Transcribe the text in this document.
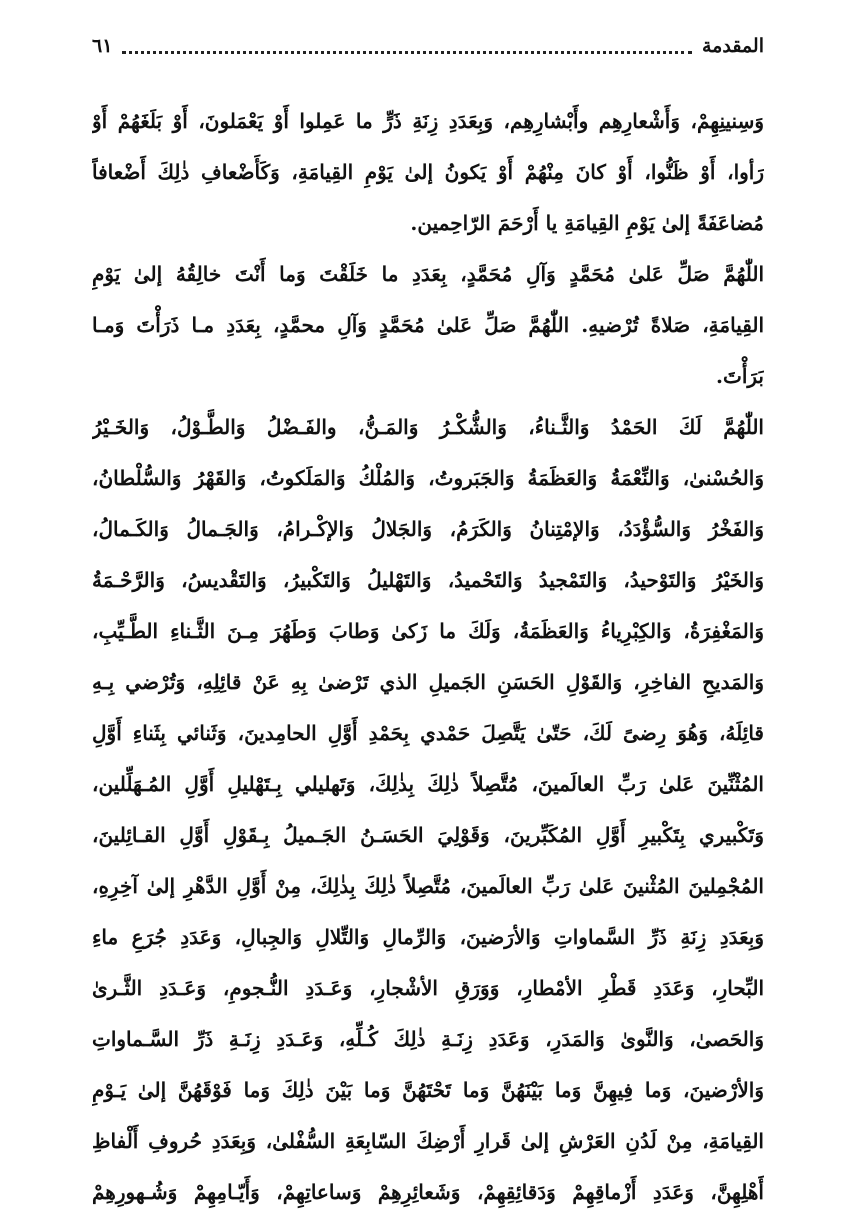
المقدمة
٦١
وَسِنينِهِمْ، وَأَشْعارِهِم وأَبْشارِهِم، وَبِعَدَدِ زِنَةِ ذَرٍّ ما عَمِلوا أَوْ يَعْمَلونَ، أَوْ بَلَغَهُمْ أَوْ
رَأوا، أَوْ ظَنُّوا، أَوْ كانَ مِنْهُمْ أَوْ يَكونُ إلىٰ يَوْمِ القِيامَةِ، وَكَأَضْعافِ ذٰلِكَ أَضْعافاً
مُضاعَفَةً إلىٰ يَوْمِ القِيامَةِ يا أَرْحَمَ الرّاحِمين.
اللّٰهُمَّ صَلِّ عَلىٰ مُحَمَّدٍ وَآلِ مُحَمَّدٍ، بِعَدَدِ ما خَلَقْتَ وَما أَنْتَ خالِقُهُ إلىٰ يَوْمِ
القِيامَةِ، صَلاةً تُرْضيهِ. اللّٰهُمَّ صَلِّ عَلىٰ مُحَمَّدٍ وَآلِ محمَّدٍ، بِعَدَدِ مـا ذَرَأْتَ وَمـا
بَرَأْتَ.
اللّٰهُمَّ لَكَ الحَمْدُ وَالثَّـناءُ، وَالشُّكْـرُ وَالمَـنُّ، والفَـضْلُ وَالطَّـوْلُ، وَالخَـيْرُ
وَالحُسْنىٰ، وَالنِّعْمَةُ وَالعَظَمَةُ وَالجَبَروتُ، وَالمُلْكُ وَالمَلَكوتُ، وَالقَهْرُ وَالسُّلْطانُ،
وَالفَخْرُ وَالسُّؤْدَدُ، وَالإمْتِنانُ وَالكَرَمُ، وَالجَلالُ وَالإكْـرامُ، وَالجَـمالُ وَالكَـمالُ،
وَالخَيْرُ وَالتَوْحيدُ، وَالتَمْجيدُ وَالتَحْميدُ، وَالتَهْليلُ وَالتَكْبيرُ، وَالتَقْديسُ، وَالرَّحْـمَةُ
وَالمَغْفِرَةُ، وَالكِبْرِياءُ وَالعَظَمَةُ، وَلَكَ ما زَكىٰ وَطابَ وَطَهُرَ مِـنَ الثَّـناءِ الطَّـيِّبِ،
وَالمَديحِ الفاخِرِ، وَالقَوْلِ الحَسَنِ الجَميلِ الذي تَرْضىٰ بِهِ عَنْ قائِلِهِ، وَتُرْضي بِـهِ
قائِلَهُ، وَهُوَ رِضىً لَكَ، حَتّىٰ يَتَّصِلَ حَمْدي بِحَمْدِ أَوَّلِ الحامِدينَ، وَثَنائي بِثَناءِ أَوَّلِ
المُثْنِّينَ عَلىٰ رَبِّ العالَمينَ، مُتَّصِلاً ذٰلِكَ بِذٰلِكَ، وَتَهليلي بِـتَهْليلِ أَوَّلِ المُـهَلِّلين،
وَتَكْبيري بِتَكْبيرِ أَوَّلِ المُكَبِّرينَ، وَقَوْلِيَ الحَسَـنُ الجَـميلُ بِـقَوْلِ أَوَّلِ القـائِلينَ،
المُجْمِلينَ المُثْنينَ عَلىٰ رَبِّ العالَمينَ، مُتَّصِلاً ذٰلِكَ بِذٰلِكَ، مِنْ أَوَّلِ الدَّهْرِ إلىٰ آخِرِهِ،
وَبِعَدَدِ زِنَةِ ذَرِّ السَّماواتِ وَالأرَضينَ، وَالرِّمالِ وَالتِّلالِ وَالجِبالِ، وَعَدَدِ جُرَعِ ماءِ
البِّحارِ، وَعَدَدِ قَطْرِ الأمْطارِ، وَوَرَقِ الأشْجارِ، وَعَـدَدِ النُّـجومِ، وَعَـدَدِ الثَّـرىٰ
وَالحَصىٰ، وَالنَّوىٰ وَالمَدَرِ، وَعَدَدِ زِنَـةِ ذٰلِكَ كُـلِّهِ، وَعَـدَدِ زِنَـةِ ذَرِّ السَّـماواتِ
وَالأرْضينَ، وَما فِيهِنَّ وَما بَيْنَهُنَّ وَما تَحْتَهُنَّ وَما بَيْنَ ذٰلِكَ وَما فَوْقَهُنَّ إلىٰ يَـوْمِ
القِيامَةِ، مِنْ لَدُنِ العَرْشِ إلىٰ قَرارِ أَرْضِكَ السّابِعَةِ السُّفْلىٰ، وَبِعَدَدِ حُروفِ أَلْفاظِ
أَهْلِهِنَّ، وَعَدَدِ أَزْماقِهِمْ وَدَقائِقِهِمْ، وَشَعائِرِهِمْ وَساعاتِهِمْ، وَأَيّـامِهِمْ وَشُـهورِهِمْ
